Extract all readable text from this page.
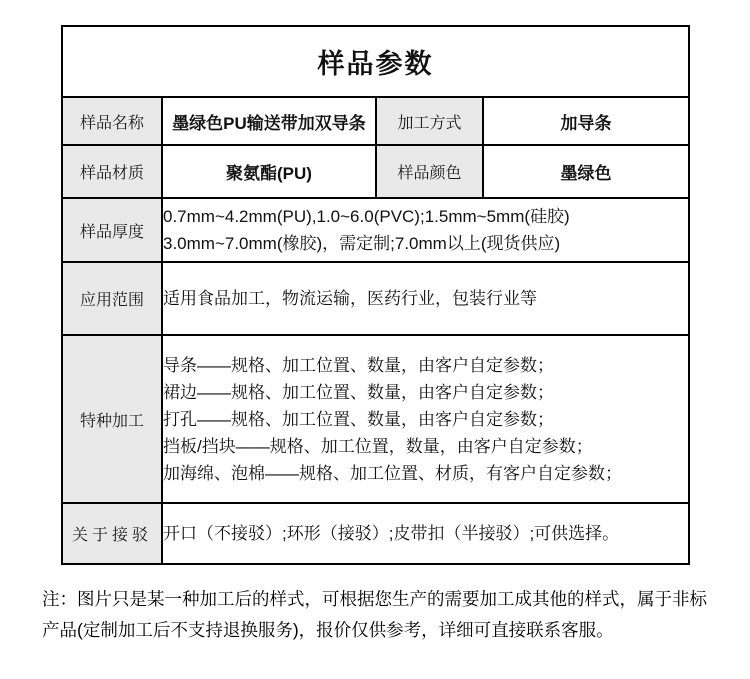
样品参数			
样品名称	墨绿色PU输送带加双导条	加工方式	加导条
样品材质	聚氨酯(PU)	样品颜色	墨绿色
样品厚度	0.7mm~4.2mm(PU),1.0~6.0(PVC);1.5mm~5mm(硅胶)
3.0mm~7.0mm(橡胶)，需定制;7.0mm以上(现货供应)		

应用范围	适用食品加工，物流运输，医药行业，包装行业等		

特种加工	导条——规格、加工位置、数量，由客户自定参数；
裙边——规格、加工位置、数量，由客户自定参数；
打孔——规格、加工位置、数量，由客户自定参数；
挡板/挡块——规格、加工位置，数量，由客户自定参数；
加海绵、泡棉——规格、加工位置、材质，有客户自定参数；		

关于接驳	开口（不接驳）;环形（接驳）;皮带扣（半接驳）;可供选择。		
注：图片只是某一种加工后的样式，可根据您生产的需要加工成其他的样式，属于非标
产品(定制加工后不支持退换服务)，报价仅供参考，详细可直接联系客服。
